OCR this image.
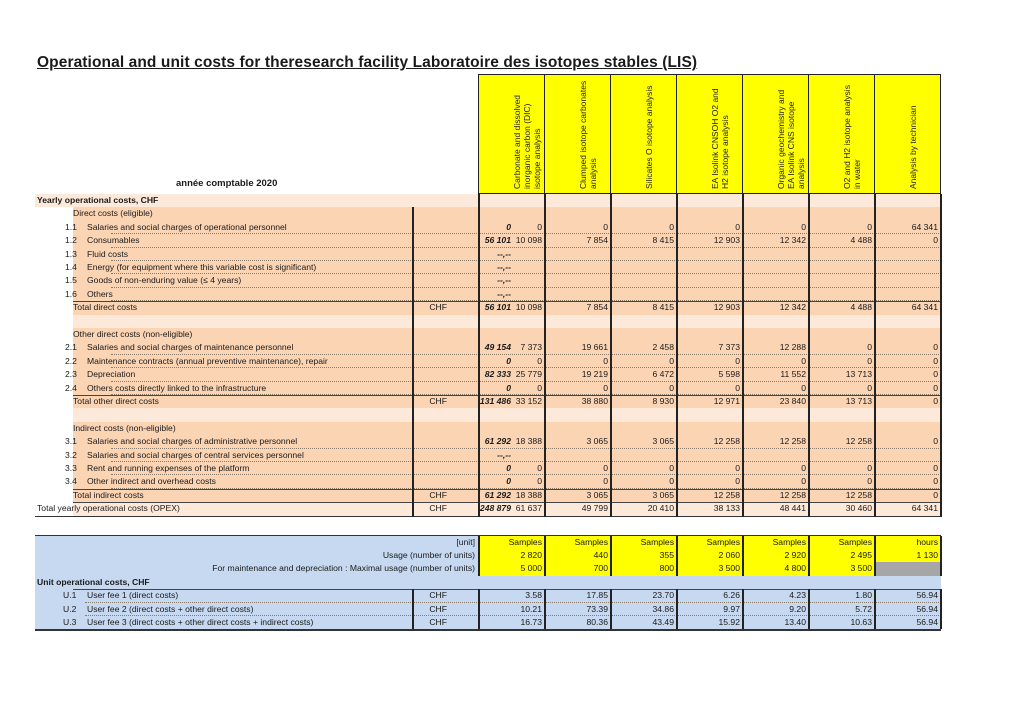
Operational and unit costs for theresearch facility Laboratoire des isotopes stables (LIS)
année comptable 2020	Carbonate and dissolved inorganic carbon (DIC) isotope analysis	Clumped isotope carbonates analysis	Silicates O isotope analysis	EA Isolink CNSOH O2 and H2 isotope analysis	Organic geochemistry and EA Isolink CNS isotope analysis	O2 and H2 isotope analysis in water	Analysis by technician
Yearly operational costs, CHF
Direct costs (eligible)
1.1 Salaries and social charges of operational personnel	0	0	0	0	0	0	0	64 341
1.2 Consumables	56 101 10 098	7 854	8 415	12 903	12 342	4 488	0
1.3 Fluid costs	--,--
1.4 Energy (for equipment where this variable cost is significant)	--,--
1.5 Goods of non-enduring value (≤ 4 years)	--,--
1.6 Others	--,--
Total direct costs	CHF	56 101 10 098	7 854	8 415	12 903	12 342	4 488	64 341
Other direct costs (non-eligible)
2.1 Salaries and social charges of maintenance personnel	49 154	7 373	19 661	2 458	7 373	12 288	0	0
2.2 Maintenance contracts (annual preventive maintenance), repair	0	0	0	0	0	0	0	0
2.3 Depreciation	82 333 25 779	19 219	6 472	5 598	11 552	13 713	0
2.4 Others costs directly linked to the infrastructure	0	0	0	0	0	0	0	0
Total other direct costs	CHF	131 486 33 152	38 880	8 930	12 971	23 840	13 713	0
Indirect costs (non-eligible)
3.1 Salaries and social charges of administrative personnel	61 292 18 388	3 065	3 065	12 258	12 258	12 258	0
3.2 Salaries and social charges of central services personnel	--,--
3.3 Rent and running expenses of the platform	0	0	0	0	0	0	0	0
3.4 Other indirect and overhead costs	0	0	0	0	0	0	0	0
Total indirect costs	CHF	61 292 18 388	3 065	3 065	12 258	12 258	12 258	0
Total yearly operational costs (OPEX)	CHF	248 879 61 637	49 799	20 410	38 133	48 441	30 460	64 341
[unit]	Samples	Samples	Samples	Samples	Samples	Samples	hours
Usage (number of units)	2 820	440	355	2 060	2 920	2 495	1 130
For maintenance and depreciation : Maximal usage (number of units)	5 000	700	800	3 500	4 800	3 500
Unit operational costs, CHF
U.1 User fee 1 (direct costs)	CHF	3.58	17.85	23.70	6.26	4.23	1.80	56.94
U.2 User fee 2 (direct costs + other direct costs)	CHF	10.21	73.39	34.86	9.97	9.20	5.72	56.94
U.3 User fee 3 (direct costs + other direct costs + indirect costs)	CHF	16.73	80.36	43.49	15.92	13.40	10.63	56.94
